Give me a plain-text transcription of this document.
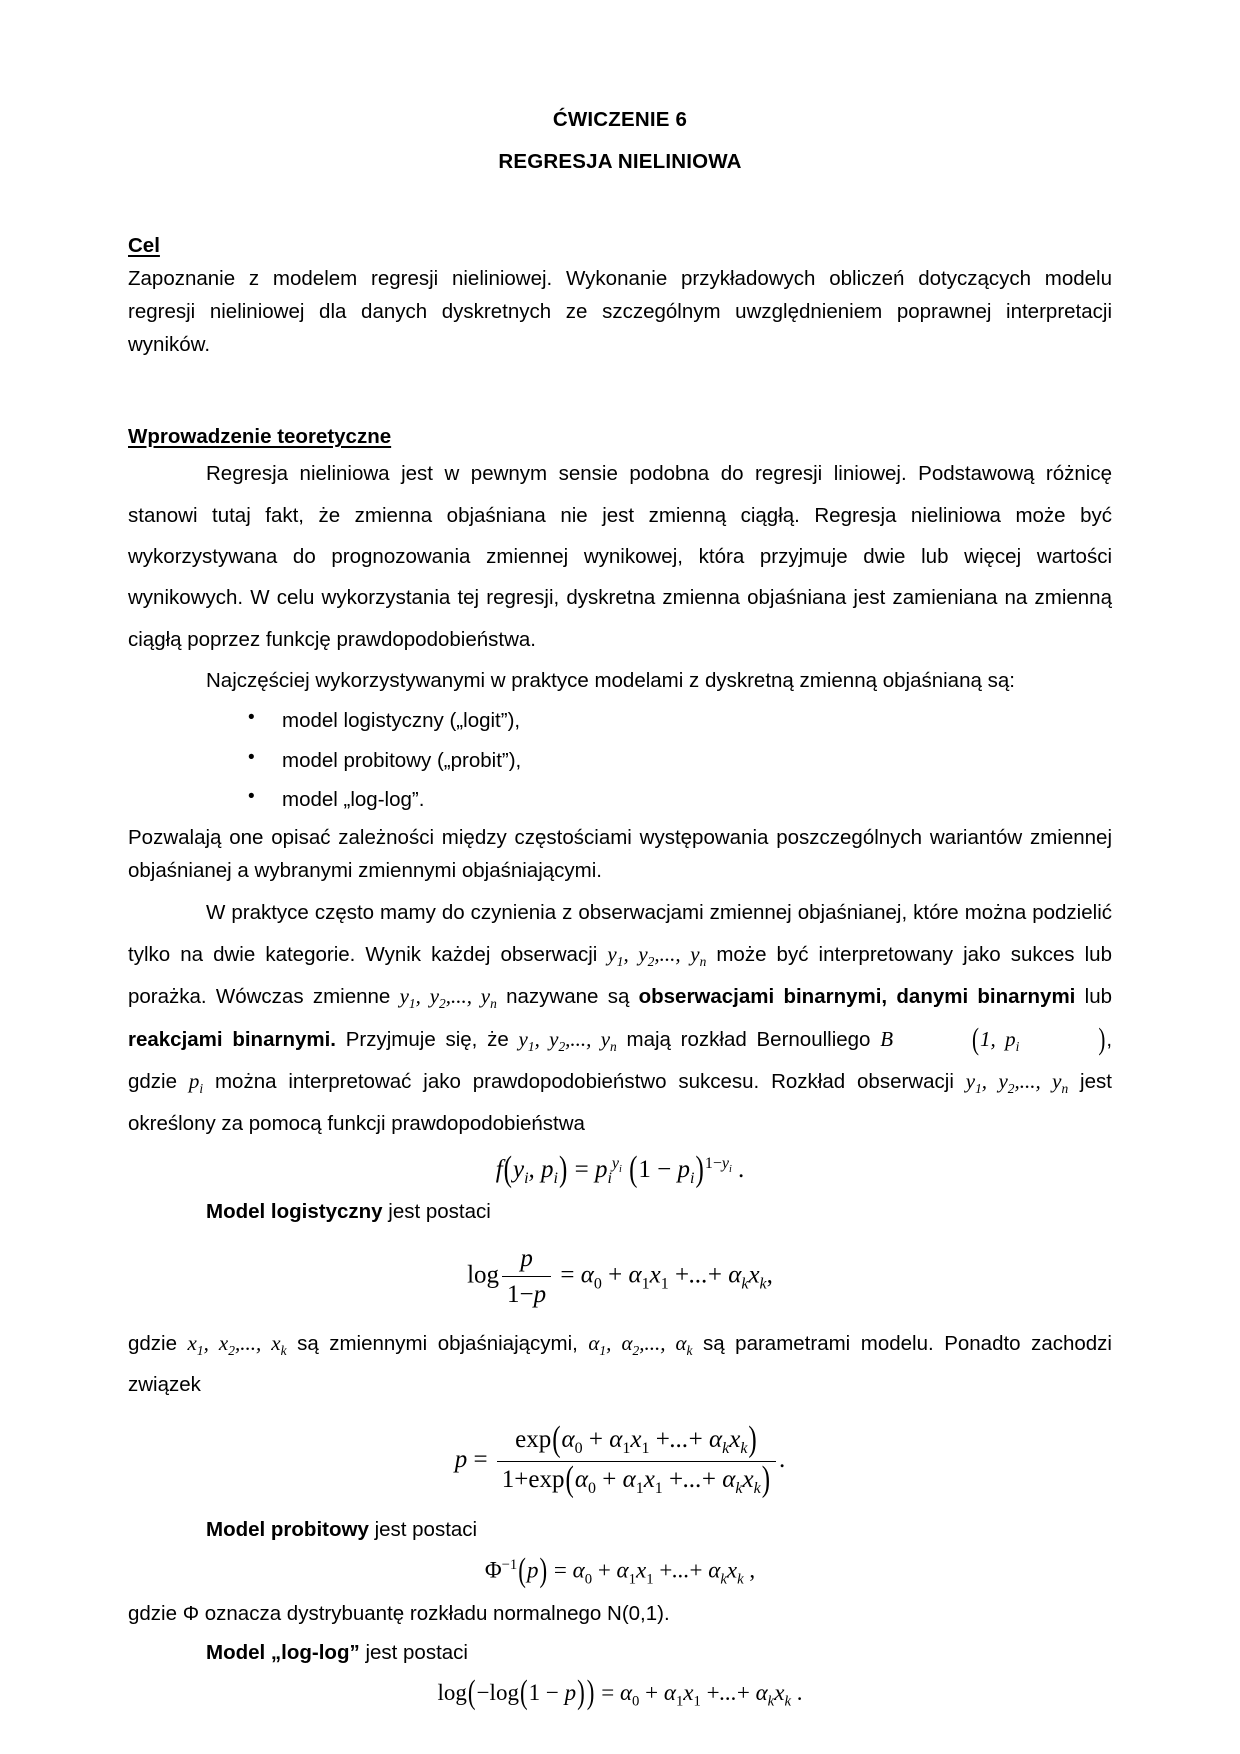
ĆWICZENIE 6
REGRESJA NIELINIOWA
Cel

Zapoznanie z modelem regresji nieliniowej. Wykonanie przykładowych obliczeń dotyczących modelu regresji nieliniowej dla danych dyskretnych ze szczególnym uwzględnieniem poprawnej interpretacji wyników.

Wprowadzenie teoretyczne

Regresja nieliniowa jest w pewnym sensie podobna do regresji liniowej. Podstawową różnicę stanowi tutaj fakt, że zmienna objaśniana nie jest zmienną ciągłą. Regresja nieliniowa może być wykorzystywana do prognozowania zmiennej wynikowej, która przyjmuje dwie lub więcej wartości wynikowych. W celu wykorzystania tej regresji, dyskretna zmienna objaśniana jest zamieniana na zmienną ciągłą poprzez funkcję prawdopodobieństwa.

Najczęściej wykorzystywanymi w praktyce modelami z dyskretną zmienną objaśnianą są:

• model logistyczny („logit”),
• model probitowy („probit”),
• model „log-log”.

Pozwalają one opisać zależności między częstościami występowania poszczególnych wariantów zmiennej objaśnianej a wybranymi zmiennymi objaśniającymi.

W praktyce często mamy do czynienia z obserwacjami zmiennej objaśnianej, które można podzielić tylko na dwie kategorie. Wynik każdej obserwacji $y_1$, $y_2$,..., $y_n$ może być interpretowany jako sukces lub porażka. Wówczas zmienne $y_1$, $y_2$,..., $y_n$ nazywane są obserwacjami binarnymi, danymi binarnymi lub reakcjami binarnymi. Przyjmuje się, że $y_1$, $y_2$,..., $y_n$ mają rozkład Bernoulliego B	(1, $p_i$	), gdzie $p_i$ można interpretować jako prawdopodobieństwo sukcesu. Rozkład obserwacji $y_1$, $y_2$,..., $y_n$ jest określony za pomocą funkcji prawdopodobieństwa

$f(y_i$, $p_i) = p_i^{y_i}$ $(1 - p_i)^{1-y_i}$ .

Model logistyczny jest postaci

$\log \frac{p}{1-p} = \alpha_0 + \alpha_1x_1$ +...+ $\alpha_kx_k$,

gdzie $x_1$, $x_2$,..., $x_k$ są zmiennymi objaśniającymi, $\alpha_1$, $\alpha_2$,..., $\alpha_k$ są parametrami modelu. Ponadto zachodzi związek

$p = \frac{\exp(\alpha_0 + \alpha_1x_1 +...+ \alpha_kx_k)}{1+\exp(\alpha_0 + \alpha_1x_1 +...+ \alpha_kx_k)}$ .

Model probitowy jest postaci

$\Phi^{-1}(p) = \alpha_0 + \alpha_1x_1$ +...+ $\alpha_kx_k$ ,

gdzie Φ oznacza dystrybuantę rozkładu normalnego N(0,1).

Model „log-log” jest postaci

$\log(-\log(1 - p)) = \alpha_0 + \alpha_1x_1$ +...+ $\alpha_kx_k$ .
